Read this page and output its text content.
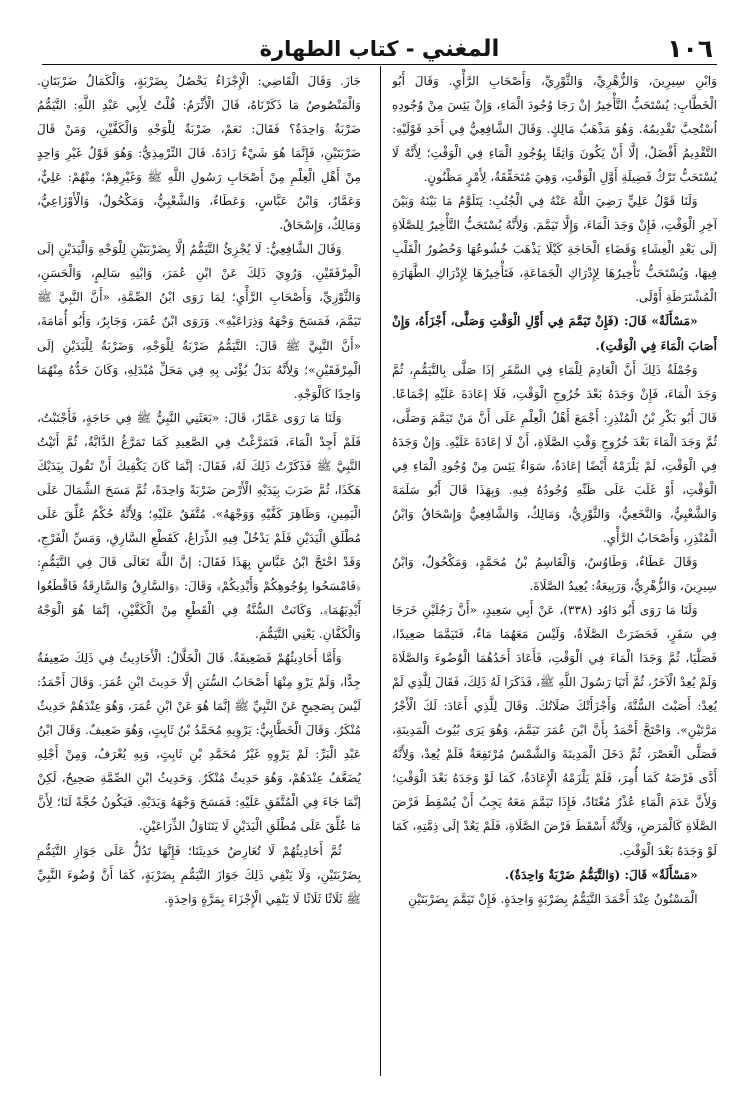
١٠٦
المغني - كتاب الطهارة

وَابْنِ سِيرِينَ، وَالزُّهْرِيِّ، وَالثَّوْرِيِّ، وَأَصْحَابِ الرَّأْيِ. وَقَالَ أَبُو الْخَطَّابِ: يُسْتَحَبُّ التَّأْخِيرُ إنْ رَجَا وُجُودَ الْمَاءِ، وَإِنْ يَئِسَ مِنْ وُجُودِهِ اُسْتُحِبَّ تَقْدِيمُهُ. وَهُوَ مَذْهَبُ مَالِكٍ. وَقَالَ الشَّافِعِيُّ فِي أَحَدِ قَوْلَيْهِ: التَّقْدِيمُ أَفْضَلُ، إلَّا أَنْ يَكُونَ وَاثِقًا بِوُجُودِ الْمَاءِ فِي الْوَقْتِ؛ لِأَنَّهُ لَا يُسْتَحَبُّ تَرْكُ فَضِيلَةِ أَوَّلِ الْوَقْتِ، وَهِيَ مُتَحَقِّقَةٌ، لِأَمْرٍ مَظْنُونٍ.

وَلَنَا قَوْلُ عَلِيٍّ رَضِيَ اللَّهُ عَنْهُ فِي الْجُنُبِ: يَتَلَوَّمُ مَا بَيْنَهُ وَبَيْنَ آخِرِ الْوَقْتِ، فَإِنْ وَجَدَ الْمَاءَ، وَإِلَّا تَيَمَّمَ. وَلِأَنَّهُ يُسْتَحَبُّ التَّأْخِيرُ لِلصَّلَاةِ إلَى بَعْدِ الْعِشَاءِ وَقَضَاءِ الْحَاجَةِ كَيْلَا يَذْهَبَ خُشُوعُهَا وَحُضُورُ الْقَلْبِ فِيهَا، وَيُسْتَحَبُّ تَأْخِيرُهَا لِإِدْرَاكِ الْجَمَاعَةِ، فَتَأْخِيرُهَا لِإِدْرَاكِ الطَّهَارَةِ الْمُشْتَرَطَةِ أَوْلَى.

«مَسْأَلَةٌ» قَالَ: (فَإِنْ تَيَمَّمَ فِي أَوَّلِ الْوَقْتِ وَصَلَّى، أَجْزَأَهُ، وَإِنْ أَصَابَ الْمَاءَ فِي الْوَقْتِ).

وَجُمْلَةُ ذَلِكَ أَنَّ الْعَادِمَ لِلْمَاءِ فِي السَّفَرِ إذَا صَلَّى بِالتَّيَمُّمِ، ثُمَّ وَجَدَ الْمَاءَ، فَإِنْ وَجَدَهُ بَعْدَ خُرُوجِ الْوَقْتِ، فَلَا إعَادَةَ عَلَيْهِ إجْمَاعًا. قَالَ أَبُو بَكْرِ بْنُ الْمُنْذِرِ: أَجْمَعَ أَهْلُ الْعِلْمِ عَلَى أَنَّ مَنْ تَيَمَّمَ وَصَلَّى، ثُمَّ وَجَدَ الْمَاءَ بَعْدَ خُرُوجِ وَقْتِ الصَّلَاةِ، أَنْ لَا إعَادَةَ عَلَيْهِ. وَإِنْ وَجَدَهُ فِي الْوَقْتِ، لَمْ يَلْزَمْهُ أَيْضًا إعَادَةٌ، سَوَاءٌ يَئِسَ مِنْ وُجُودِ الْمَاءِ فِي الْوَقْتِ، أَوْ غَلَبَ عَلَى ظَنِّهِ وُجُودُهُ فِيهِ. وَبِهَذَا قَالَ أَبُو سَلَمَةَ وَالشَّعْبِيُّ، وَالنَّخَعِيُّ، وَالثَّوْرِيُّ، وَمَالِكٌ، وَالشَّافِعِيُّ وَإِسْحَاقُ وَابْنُ الْمُنْذِرِ، وَأَصْحَابُ الرَّأْيِ.

وَقَالَ عَطَاءٌ، وَطَاوُسٌ، وَالْقَاسِمُ بْنُ مُحَمَّدٍ، وَمَكْحُولٌ، وَابْنُ سِيرِينَ، وَالزُّهْرِيُّ، وَرَبِيعَةُ: يُعِيدُ الصَّلَاةَ.

وَلَنَا مَا رَوَى أَبُو دَاوُد (٣٣٨)، عَنْ أَبِي سَعِيدٍ، «أَنَّ رَجُلَيْنِ خَرَجَا فِي سَفَرٍ، فَحَضَرَتْ الصَّلَاةُ، وَلَيْسَ مَعَهُمَا مَاءٌ، فَتَيَمَّمَا صَعِيدًا، فَصَلَّيَا، ثُمَّ وَجَدَا الْمَاءَ فِي الْوَقْتِ، فَأَعَادَ أَحَدُهُمَا الْوُضُوءَ وَالصَّلَاةَ وَلَمْ يُعِدْ الْآخَرُ، ثُمَّ أَتَيَا رَسُولَ اللَّهِ ﷺ، فَذَكَرَا لَهُ ذَلِكَ، فَقَالَ لِلَّذِي لَمْ يُعِدْ: أَصَبْتَ السُّنَّةَ، وَأَجْزَأَتْكَ صَلَاتُكَ. وَقَالَ لِلَّذِي أَعَادَ: لَكَ الْأَجْرُ مَرَّتَيْنِ». وَاحْتَجَّ أَحْمَدُ بِأَنَّ ابْنَ عُمَرَ تَيَمَّمَ، وَهُوَ يَرَى بُيُوتَ الْمَدِينَةِ، فَصَلَّى الْعَصْرَ، ثُمَّ دَخَلَ الْمَدِينَةَ وَالشَّمْسُ مُرْتَفِعَةٌ فَلَمْ يُعِدْ، وَلِأَنَّهُ أَدَّى فَرْضَهُ كَمَا أُمِرَ، فَلَمْ يَلْزَمْهُ الْإِعَادَةُ، كَمَا لَوْ وَجَدَهُ بَعْدَ الْوَقْتِ؛ وَلِأَنَّ عَدَمَ الْمَاءِ عُذْرٌ مُعْتَادٌ، فَإِذَا تَيَمَّمَ مَعَهُ يَجِبُ أَنْ يُسْقِطَ فَرْضَ الصَّلَاةِ كَالْمَرَضِ، وَلِأَنَّهُ أَسْقَطَ فَرْضَ الصَّلَاةِ، فَلَمْ يَعُدْ إلَى ذِمَّتِهِ، كَمَا لَوْ وَجَدَهُ بَعْدَ الْوَقْتِ.

«مَسْأَلَةٌ» قَالَ: (وَالتَّيَمُّمُ ضَرْبَةٌ وَاحِدَةٌ).

الْمَسْنُونُ عِنْدَ أَحْمَدَ التَّيَمُّمُ بِضَرْبَةٍ وَاحِدَةٍ. فَإِنْ تَيَمَّمَ بِضَرْبَتَيْنِ

جَازَ. وَقَالَ الْقَاضِي: الْإِجْزَاءُ يَحْصُلُ بِضَرْبَةٍ، وَالْكَمَالُ ضَرْبَتَانِ. وَالْمَنْصُوصُ مَا ذَكَرْنَاهُ، قَالَ الْأَثْرَمُ: قُلْتُ لِأَبِي عَبْدِ اللَّهِ: التَّيَمُّمُ ضَرْبَةٌ وَاحِدَةٌ؟ فَقَالَ: نَعَمْ، ضَرْبَةٌ لِلْوَجْهِ وَالْكَفَّيْنِ، وَمَنْ قَالَ ضَرْبَتَيْنِ، فَإِنَّمَا هُوَ شَيْءٌ زَادَهُ. قَالَ التِّرْمِذِيُّ: وَهُوَ قَوْلُ غَيْرِ وَاحِدٍ مِنْ أَهْلِ الْعِلْمِ مِنْ أَصْحَابِ رَسُولِ اللَّهِ ﷺ وَغَيْرِهِمْ؛ مِنْهُمْ: عَلِيٌّ، وَعَمَّارٌ، وَابْنُ عَبَّاسٍ، وَعَطَاءٌ، وَالشَّعْبِيُّ، وَمَكْحُولٌ، وَالْأَوْزَاعِيُّ، وَمَالِكٌ، وَإِسْحَاقُ.

وَقَالَ الشَّافِعِيُّ: لَا يُجْزِئُ التَّيَمُّمُ إلَّا بِضَرْبَتَيْنِ لِلْوَجْهِ وَالْيَدَيْنِ إلَى الْمِرْفَقَيْنِ. وَرُوِيَ ذَلِكَ عَنْ ابْنِ عُمَرَ، وَابْنِهِ سَالِمٍ، وَالْحَسَنِ، وَالثَّوْرِيِّ، وَأَصْحَابِ الرَّأْيِ؛ لِمَا رَوَى ابْنُ الصِّمَّةِ، «أَنَّ النَّبِيَّ ﷺ تَيَمَّمَ، فَمَسَحَ وَجْهَهُ وَذِرَاعَيْهِ». وَرَوَى ابْنُ عُمَرَ، وَجَابِرٌ، وَأَبُو أُمَامَةَ، «أَنَّ النَّبِيَّ ﷺ قَالَ: التَّيَمُّمُ ضَرْبَةٌ لِلْوَجْهِ، وَضَرْبَةٌ لِلْيَدَيْنِ إلَى الْمِرْفَقَيْنِ»؛ وَلِأَنَّهُ بَدَلٌ يُؤْتَى بِهِ فِي مَحَلِّ مُبْدَلِهِ، وَكَانَ حَدُّهُ مِنْهُمَا وَاحِدًا كَالْوَجْهِ.

وَلَنَا مَا رَوَى عَمَّارٌ، قَالَ: «بَعَثَنِي النَّبِيُّ ﷺ فِي حَاجَةٍ، فَأَجْنَبْتُ، فَلَمْ أَجِدْ الْمَاءَ، فَتَمَرَّغْتُ فِي الصَّعِيدِ كَمَا تَمَرَّغُ الدَّابَّةُ، ثُمَّ أَتَيْتُ النَّبِيَّ ﷺ فَذَكَرْتُ ذَلِكَ لَهُ، فَقَالَ: إنَّمَا كَانَ يَكْفِيكَ أَنْ تَقُولَ بِيَدَيْكَ هَكَذَا، ثُمَّ ضَرَبَ بِيَدَيْهِ الْأَرْضَ ضَرْبَةً وَاحِدَةً، ثُمَّ مَسَحَ الشِّمَالَ عَلَى الْيَمِينِ، وَظَاهِرَ كَفَّيْهِ وَوَجْهَهُ». مُتَّفَقٌ عَلَيْهِ؛ وَلِأَنَّهُ حُكْمٌ عُلِّقَ عَلَى مُطْلَقِ الْيَدَيْنِ فَلَمْ يَدْخُلْ فِيهِ الذِّرَاعُ، كَقَطْعِ السَّارِقِ، وَمَسِّ الْفَرْجِ، وَقَدْ احْتَجَّ ابْنُ عَبَّاسٍ بِهَذَا فَقَالَ: إنَّ اللَّهَ تَعَالَى قَالَ فِي التَّيَمُّمِ: ﴿فَامْسَحُوا بِوُجُوهِكُمْ وَأَيْدِيكُمْ﴾ وَقَالَ: ﴿وَالسَّارِقُ وَالسَّارِقَةُ فَاقْطَعُوا أَيْدِيَهُمَا﴾. وَكَانَتْ السُّنَّةُ فِي الْقَطْعِ مِنْ الْكَفَّيْنِ، إنَّمَا هُوَ الْوَجْهُ وَالْكَفَّانِ. يَعْنِي التَّيَمُّمَ.

وَأَمَّا أَحَادِيثُهُمْ فَضَعِيفَةٌ. قَالَ الْخَلَّالُ: الْأَحَادِيثُ فِي ذَلِكَ ضَعِيفَةٌ جِدًّا، وَلَمْ يَرْوِ مِنْهَا أَصْحَابُ السُّنَنِ إلَّا حَدِيثَ ابْنِ عُمَرَ. وَقَالَ أَحْمَدُ: لَيْسَ بِصَحِيحٍ عَنْ النَّبِيِّ ﷺ إنَّمَا هُوَ عَنْ ابْنِ عُمَرَ، وَهُوَ عِنْدَهُمْ حَدِيثٌ مُنْكَرٌ. وَقَالَ الْخَطَّابِيُّ: يَرْوِيهِ مُحَمَّدُ بْنُ ثَابِتٍ، وَهُوَ ضَعِيفٌ. وَقَالَ ابْنُ عَبْدِ الْبَرِّ: لَمْ يَرْوِهِ غَيْرُ مُحَمَّدِ بْنِ ثَابِتٍ، وَبِهِ يُعْرَفُ، وَمِنْ أَجْلِهِ يُضَعَّفُ عِنْدَهُمْ، وَهُوَ حَدِيثٌ مُنْكَرٌ. وَحَدِيثُ ابْنِ الصِّمَّةِ صَحِيحٌ، لَكِنْ إنَّمَا جَاءَ فِي الْمُتَّفَقِ عَلَيْهِ: فَمَسَحَ وَجْهَهُ وَيَدَيْهِ. فَيَكُونُ حُجَّةً لَنَا؛ لِأَنَّ مَا عُلِّقَ عَلَى مُطْلَقِ الْيَدَيْنِ لَا يَتَنَاوَلُ الذِّرَاعَيْنِ.

ثُمَّ أَحَادِيثُهُمْ لَا تُعَارِضُ حَدِيثَنَا؛ فَإِنَّهَا تَدُلُّ عَلَى جَوَازِ التَّيَمُّمِ بِضَرْبَتَيْنِ، وَلَا يَنْفِي ذَلِكَ جَوَازَ التَّيَمُّمِ بِضَرْبَةٍ، كَمَا أَنَّ وُضُوءَ النَّبِيِّ ﷺ ثَلَاثًا ثَلَاثًا لَا يَنْفِي الْإِجْزَاءَ بِمَرَّةٍ وَاحِدَةٍ.
